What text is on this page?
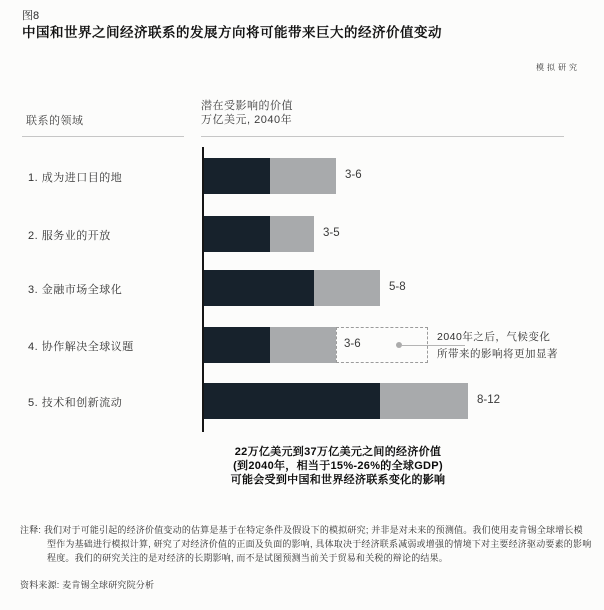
图8
中国和世界之间经济联系的发展方向将可能带来巨大的经济价值变动
模拟研究
联系的领域
潜在受影响的价值
万亿美元, 2040年
1. 成为进口目的地	3-6
2. 服务业的开放	3-5
3. 金融市场全球化	5-8
4. 协作解决全球议题	3-6
5. 技术和创新流动	8-12
2040年之后，气候变化
所带来的影响将更加显著
22万亿美元到37万亿美元之间的经济价值
(到2040年，相当于15%-26%的全球GDP)
可能会受到中国和世界经济联系变化的影响
注释: 我们对于可能引起的经济价值变动的估算是基于在特定条件及假设下的模拟研究; 并非是对未来的预测值。我们使用麦肯锡全球增长模型作为基础进行模拟计算, 研究了对经济价值的正面及负面的影响, 具体取决于经济联系减弱或增强的情境下对主要经济驱动要素的影响程度。我们的研究关注的是对经济的长期影响, 而不是试图预测当前关于贸易和关税的辩论的结果。
资料来源: 麦肯锡全球研究院分析
